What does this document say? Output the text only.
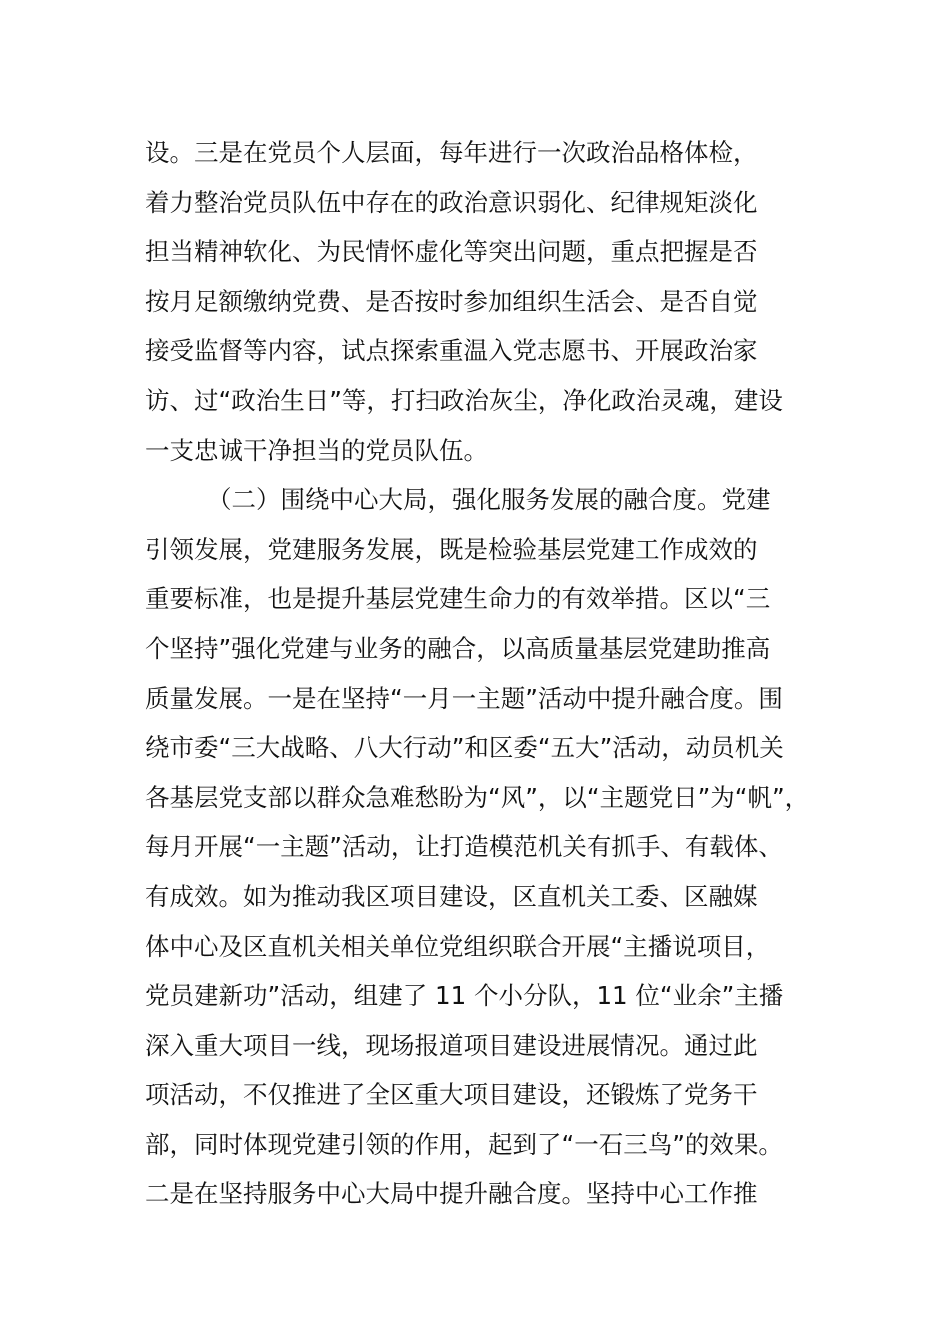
设。三是在党员个人层面，每年进行一次政治品格体检，
着力整治党员队伍中存在的政治意识弱化、纪律规矩淡化
担当精神软化、为民情怀虚化等突出问题，重点把握是否
按月足额缴纳党费、是否按时参加组织生活会、是否自觉
接受监督等内容，试点探索重温入党志愿书、开展政治家
访、过“政治生日”等，打扫政治灰尘，净化政治灵魂，建设
一支忠诚干净担当的党员队伍。
（二）围绕中心大局，强化服务发展的融合度。党建
引领发展，党建服务发展，既是检验基层党建工作成效的
重要标准，也是提升基层党建生命力的有效举措。区以“三
个坚持”强化党建与业务的融合，以高质量基层党建助推高
质量发展。一是在坚持“一月一主题”活动中提升融合度。围
绕市委“三大战略、八大行动”和区委“五大”活动，动员机关
各基层党支部以群众急难愁盼为“风”，以“主题党日”为“帆”，
每月开展“一主题”活动，让打造模范机关有抓手、有载体、
有成效。如为推动我区项目建设，区直机关工委、区融媒
体中心及区直机关相关单位党组织联合开展“主播说项目，
党员建新功”活动，组建了 11 个小分队，11 位“业余”主播
深入重大项目一线，现场报道项目建设进展情况。通过此
项活动，不仅推进了全区重大项目建设，还锻炼了党务干
部，同时体现党建引领的作用，起到了“一石三鸟”的效果。
二是在坚持服务中心大局中提升融合度。坚持中心工作推
